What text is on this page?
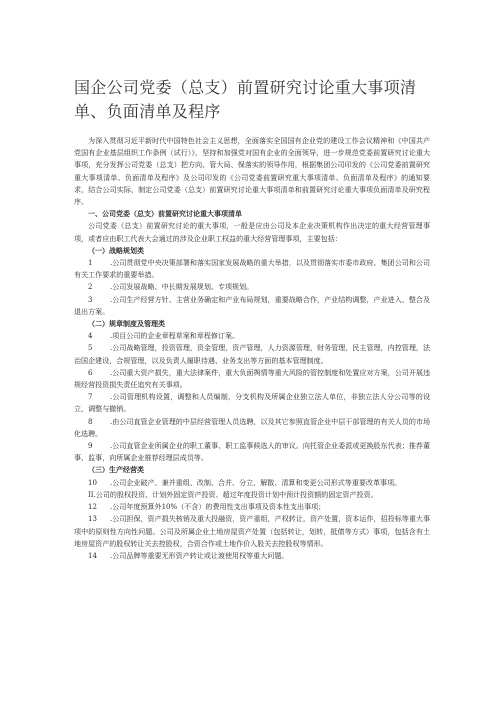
国企公司党委（总支）前置研究讨论重大事项清单、负面清单及程序

为深入贯彻习近平新时代中国特色社会主义思想，全面落实全国国有企业党的建设工作会议精神和《中国共产党国有企业基层组织工作条例（试行）》，坚持和加强党对国有企业的全面领导，进一步规范党委前置研究讨论重大事项，充分发挥公司党委（总支）把方向、管大局、保落实的领导作用，根据集团公司印发的《公司党委前置研究重大事项清单、负面清单及程序》及公司印发的《公司党委前置研究重大事项清单、负面清单及程序》的通知要求，结合公司实际，制定公司党委（总支）前置研究讨论重大事项清单和前置研究讨论重大事项负面清单及研究程序。

一、公司党委（总支）前置研究讨论重大事项清单

公司党委（总支）前置研究讨论的重大事项，一般是应由公司及本企业决策机构作出决定的重大经营管理事项，或者应由职工代表大会通过的涉及企业职工权益的重大经营管理事项，主要包括：

（一）战略规划类

1 .公司贯彻党中央决策部署和落实国家发展战略的重大举措，以及贯彻落实市委市政府、集团公司和公司有关工作要求的重要举措。

2 .公司发展战略、中长期发展规划、专项规划。

3 .公司生产经营方针、主营业务确定和产业布局规划，重要战略合作，产业结构调整，产业进入、整合及退出方案。

（二）规章制度及管理类

4 .项目公司的企业章程草案和章程修订案。

5 .公司战略管理，投资管理，资金管理，资产管理，人力资源管理，财务管理，民主管理，内控管理，法治国企建设，合规管理，以及负责人履职待遇、业务支出等方面的基本管理制度。

6 .公司重大资产损失，重大法律案件，重大负面舆情等重大风险的管控制度和处置应对方案，公司开展违规经营投资损失责任追究有关事项。

7 .公司管理机构设置，调整和人员编制，分支机构及所属企业独立法人单位，非独立法人分公司等的设立，调整与撤销。

8 .由公司直管企业管理的中层经营管理人员选聘，以及其它参照直管企业中层干部管理的有关人员的市场化选聘。

9 .公司直管企业所属企业的职工董事、职工监事候选人的审议。向托管企业委派或更换股东代表；推荐董事、监事，向所属企业推荐经理层成员等。

（三）生产经营类

10 .公司企业破产、兼并重组、改制、合并、分立、解散、清算和变更公司形式等重要改革事项。

II.公司的股权投资、计划外固定资产投资、超过年度投资计划中预计投资额的固定资产投资。

12 .公司年度预算外10%（不含）的费用性支出事项及资本性支出事项；

13 .公司担保，资产损失核销及重大投融资，资产重组，产权转让，资产处置，资本运作，招投标等重大事项中的原则性方向性问题。公司及所属企业土地房屋资产处置（包括转让，划转，抵债等方式）事项，包括含有土地房屋资产的股权转让关去控股权，合资合作或土地作价入股关去控股权等情形。

14 .公司品牌等重要无形资产转让或让渡使用权等重大问题。
